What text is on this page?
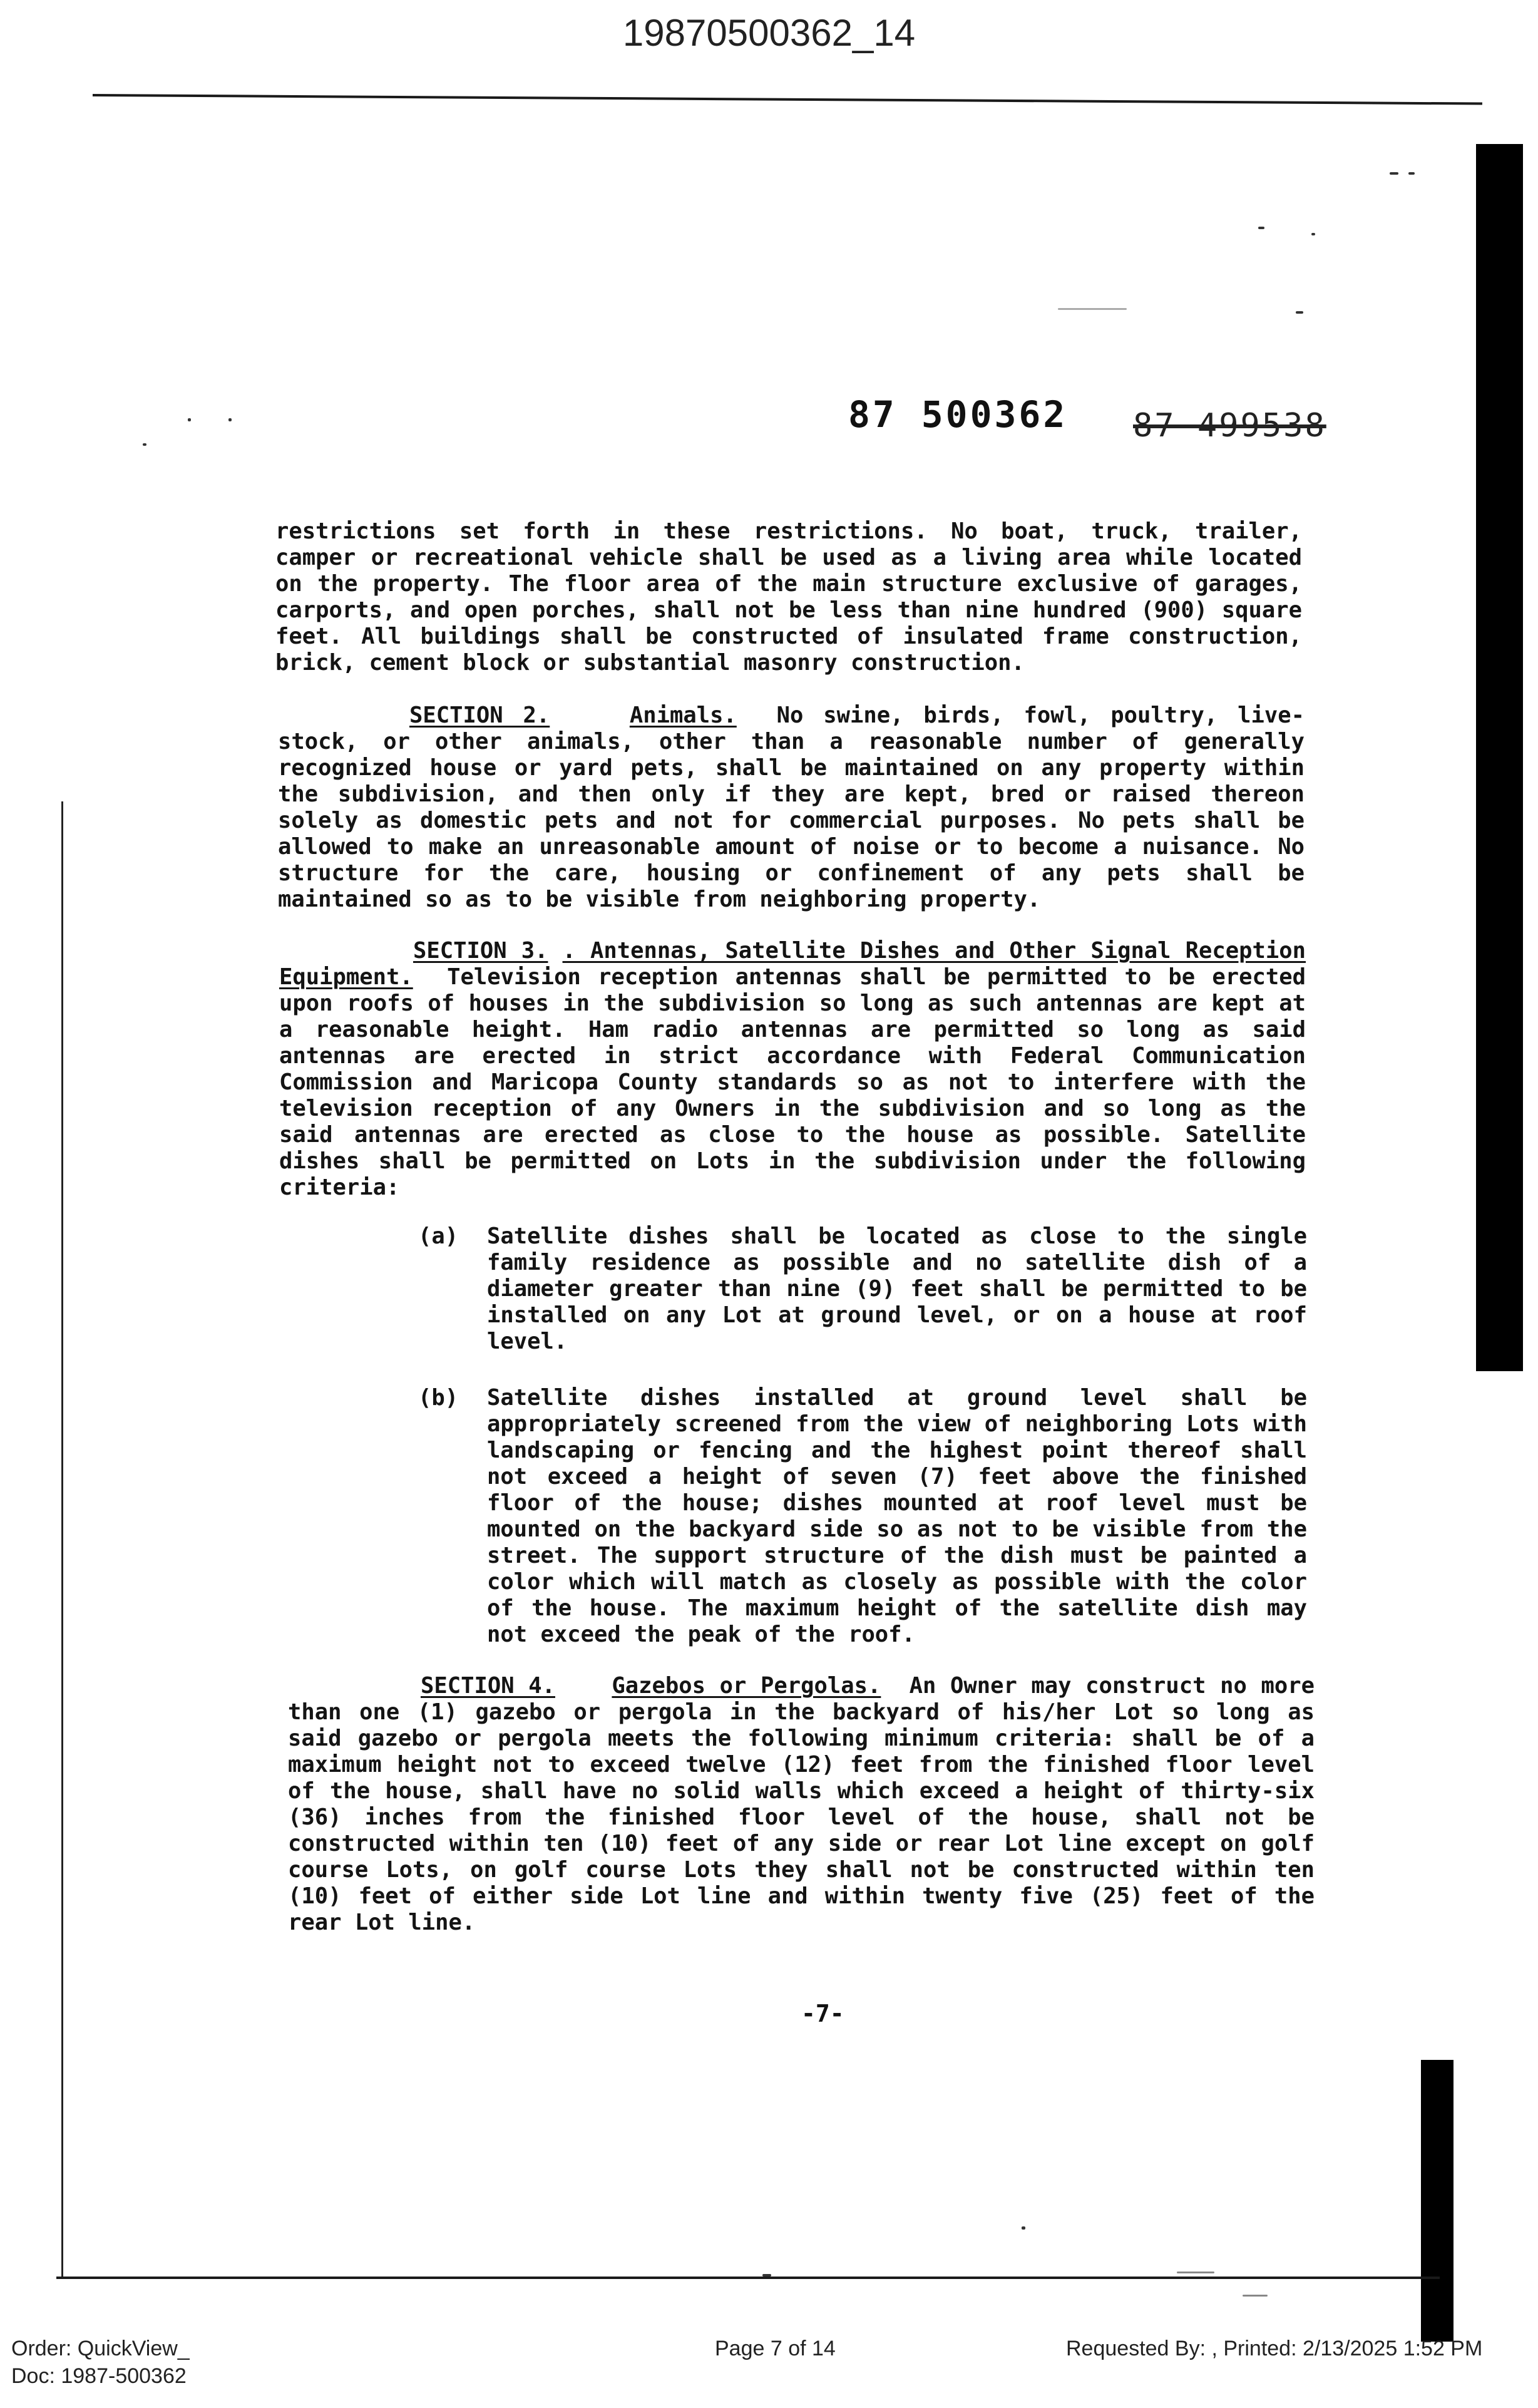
19870500362_14
87 500362 87 499538
restrictions set forth in these restrictions. No boat, truck, trailer, camper or recreational vehicle shall be used as a living area while located on the property. The floor area of the main structure exclusive of garages, carports, and open porches, shall not be less than nine hundred (900) square feet. All buildings shall be constructed of insulated frame construction, brick, cement block or substantial masonry construction.
SECTION 2.	Animals. No swine, birds, fowl, poultry, live-stock, or other animals, other than a reasonable number of generally recognized house or yard pets, shall be maintained on any property within the subdivision, and then only if they are kept, bred or raised thereon solely as domestic pets and not for commercial purposes. No pets shall be allowed to make an unreasonable amount of noise or to become a nuisance. No structure for the care, housing or confinement of any pets shall be maintained so as to be visible from neighboring property.
SECTION 3. . Antennas, Satellite Dishes and Other Signal Reception Equipment. Television reception antennas shall be permitted to be erected upon roofs of houses in the subdivision so long as such antennas are kept at a reasonable height. Ham radio antennas are permitted so long as said antennas are erected in strict accordance with Federal Communication Commission and Maricopa County standards so as not to interfere with the television reception of any Owners in the subdivision and so long as the said antennas are erected as close to the house as possible. Satellite dishes shall be permitted on Lots in the subdivision under the following criteria:
(a)	Satellite dishes shall be located as close to the single family residence as possible and no satellite dish of a diameter greater than nine (9) feet shall be permitted to be installed on any Lot at ground level, or on a house at roof level.
(b)	Satellite dishes installed at ground level shall be appropriately screened from the view of neighboring Lots with landscaping or fencing and the highest point thereof shall not exceed a height of seven (7) feet above the finished floor of the house; dishes mounted at roof level must be mounted on the backyard side so as not to be visible from the street. The support structure of the dish must be painted a color which will match as closely as possible with the color of the house. The maximum height of the satellite dish may not exceed the peak of the roof.
SECTION 4.	Gazebos or Pergolas. An Owner may construct no more than one (1) gazebo or pergola in the backyard of his/her Lot so long as said gazebo or pergola meets the following minimum criteria: shall be of a maximum height not to exceed twelve (12) feet from the finished floor level of the house, shall have no solid walls which exceed a height of thirty-six (36) inches from the finished floor level of the house, shall not be constructed within ten (10) feet of any side or rear Lot line except on golf course Lots, on golf course Lots they shall not be constructed within ten (10) feet of either side Lot line and within twenty five (25) feet of the rear Lot line.
-7-
Order: QuickView_
Doc: 1987-500362
Page 7 of 14	Requested By: , Printed: 2/13/2025 1:52 PM
